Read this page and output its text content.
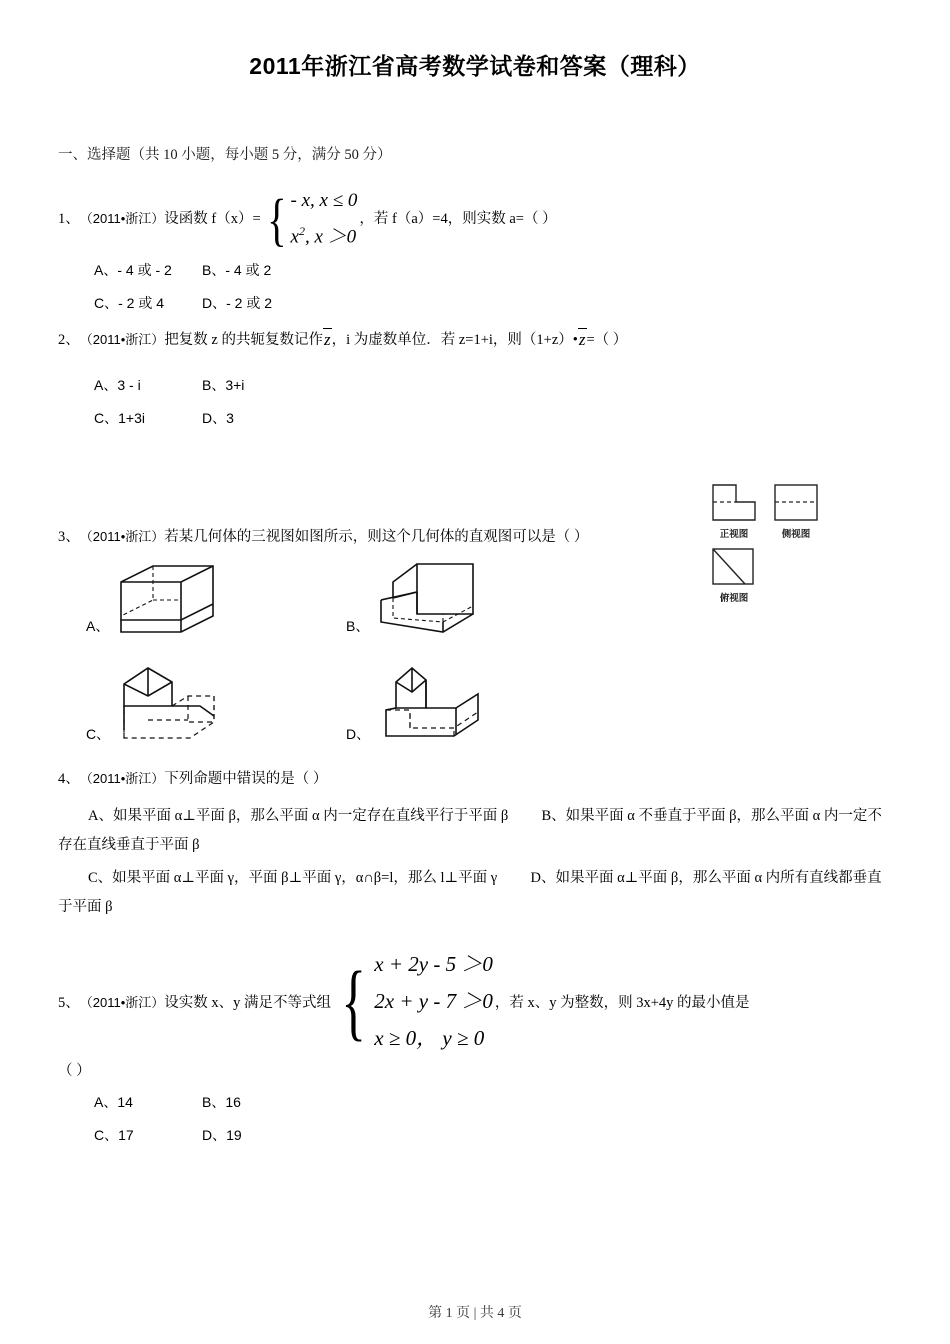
2011年浙江省高考数学试卷和答案（理科）
一、选择题（共 10 小题，每小题 5 分，满分 50 分）
1、 （2011•浙江） 设函数 f（x）= { - x, x ≤ 0
$x^2$, x ＞0
，若 f（a）=4，则实数 a=（ ）
A、- 4 或 - 2	B、- 4 或 2
C、- 2 或 4	D、- 2 或 2
2、 （2011•浙江） 把复数 z 的共轭复数记作 z ，i 为虚数单位．若 z=1+i，则（1+z）• z =（ ）
A、3 - i	B、3+i
C、1+3i	D、3
3、 （2011•浙江） 若某几何体的三视图如图所示，则这个几何体的直观图可以是（ ）
A、	B、
C、	D、
4、 （2011•浙江） 下列命题中错误的是（ ）
A、如果平面 α⊥平面 β，那么平面 α 内一定存在直线平行于平面 β B、如果平面 α 不垂直于平面 β，那么平面 α 内一定不存在直线垂直于平面 β
C、如果平面 α⊥平面 γ，平面 β⊥平面 γ，α∩β=l，那么 l⊥平面 γ D、如果平面 α⊥平面 β，那么平面 α 内所有直线都垂直于平面 β
5、 （2011•浙江） 设实数 x、y 满足不等式组 { x + 2y - 5 ＞0
2x + y - 7 ＞0
x ≥ 0， y ≥ 0
，若 x、y 为整数，则 3x+4y 的最小值是
（ ）
A、14	B、16
C、17	D、19
正视图	侧视图
俯视图
第 1 页 | 共 4 页
